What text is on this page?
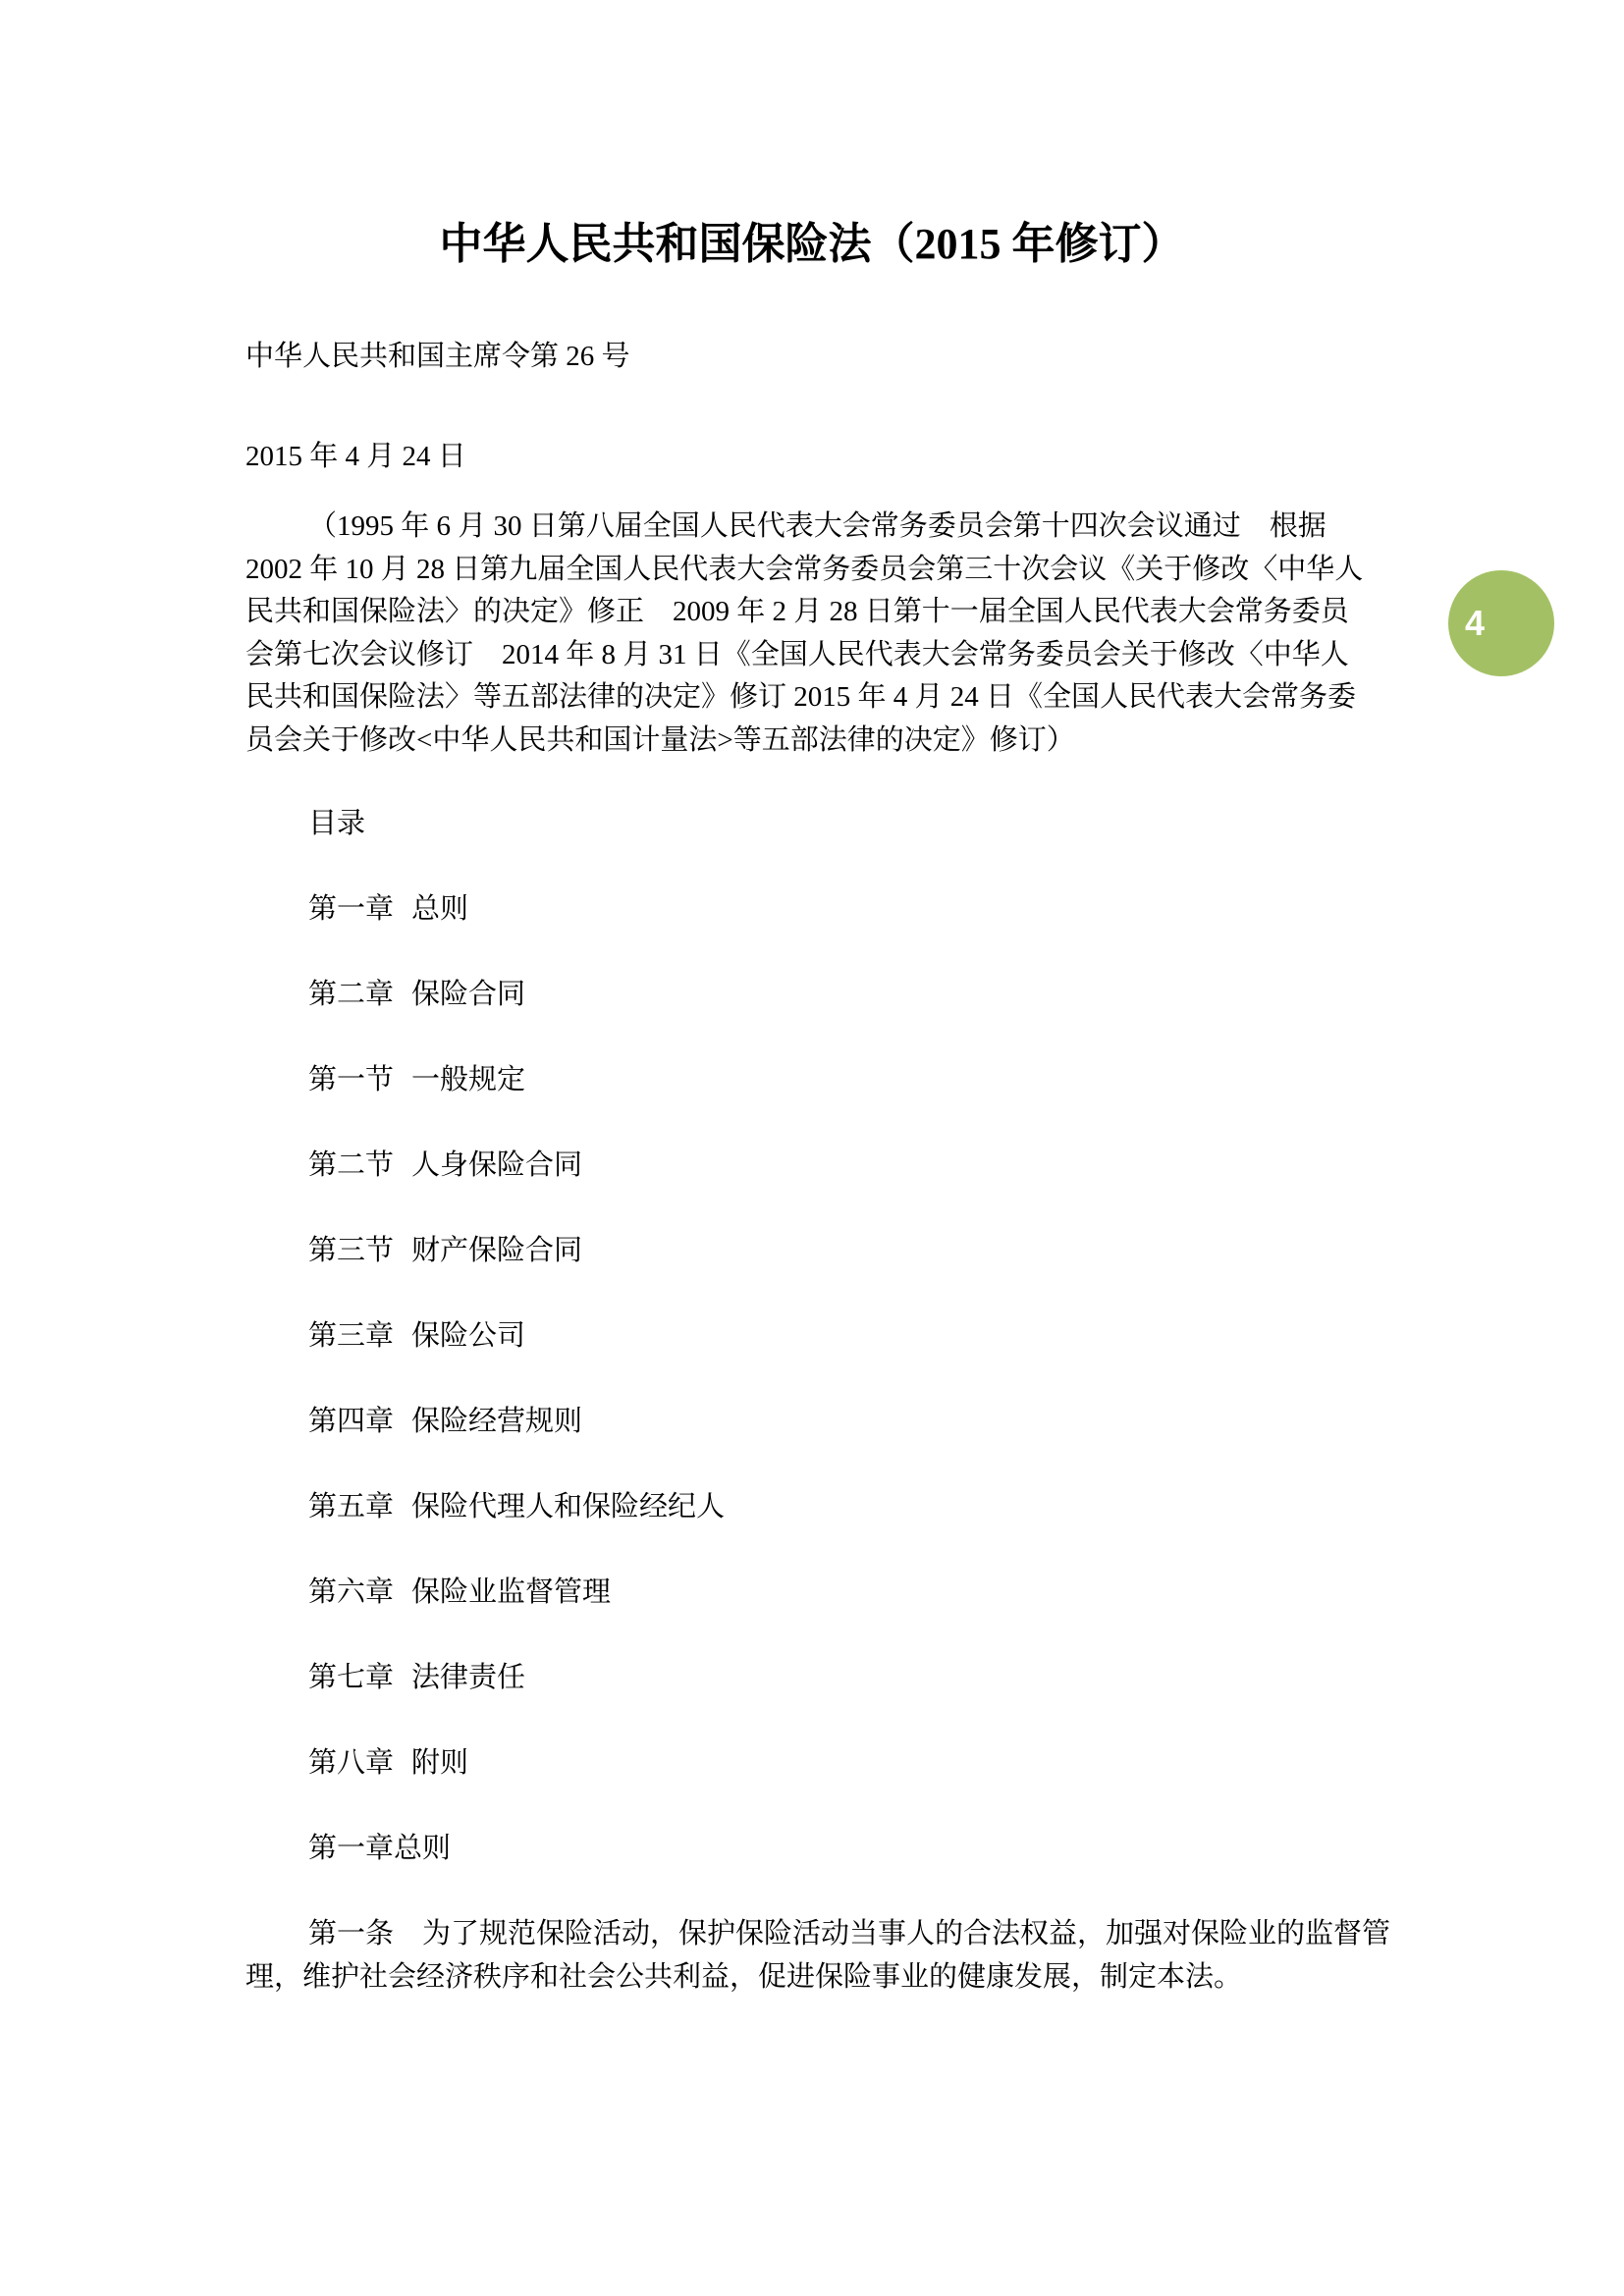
中华人民共和国保险法（2015 年修订）
中华人民共和国主席令第 26 号
2015 年 4 月 24 日
（1995 年 6 月 30 日第八届全国人民代表大会常务委员会第十四次会议通过　根据
2002 年 10 月 28 日第九届全国人民代表大会常务委员会第三十次会议《关于修改〈中华人
民共和国保险法〉的决定》修正　2009 年 2 月 28 日第十一届全国人民代表大会常务委员
会第七次会议修订　2014 年 8 月 31 日《全国人民代表大会常务委员会关于修改〈中华人
民共和国保险法〉等五部法律的决定》修订 2015 年 4 月 24 日《全国人民代表大会常务委
员会关于修改<中华人民共和国计量法>等五部法律的决定》修订）
目录
第一章 总则
第二章 保险合同
第一节 一般规定
第二节 人身保险合同
第三节 财产保险合同
第三章 保险公司
第四章 保险经营规则
第五章 保险代理人和保险经纪人
第六章 保险业监督管理
第七章 法律责任
第八章 附则
第一章总则
第一条　为了规范保险活动，保护保险活动当事人的合法权益，加强对保险业的监督管
理，维护社会经济秩序和社会公共利益，促进保险事业的健康发展，制定本法。
4
